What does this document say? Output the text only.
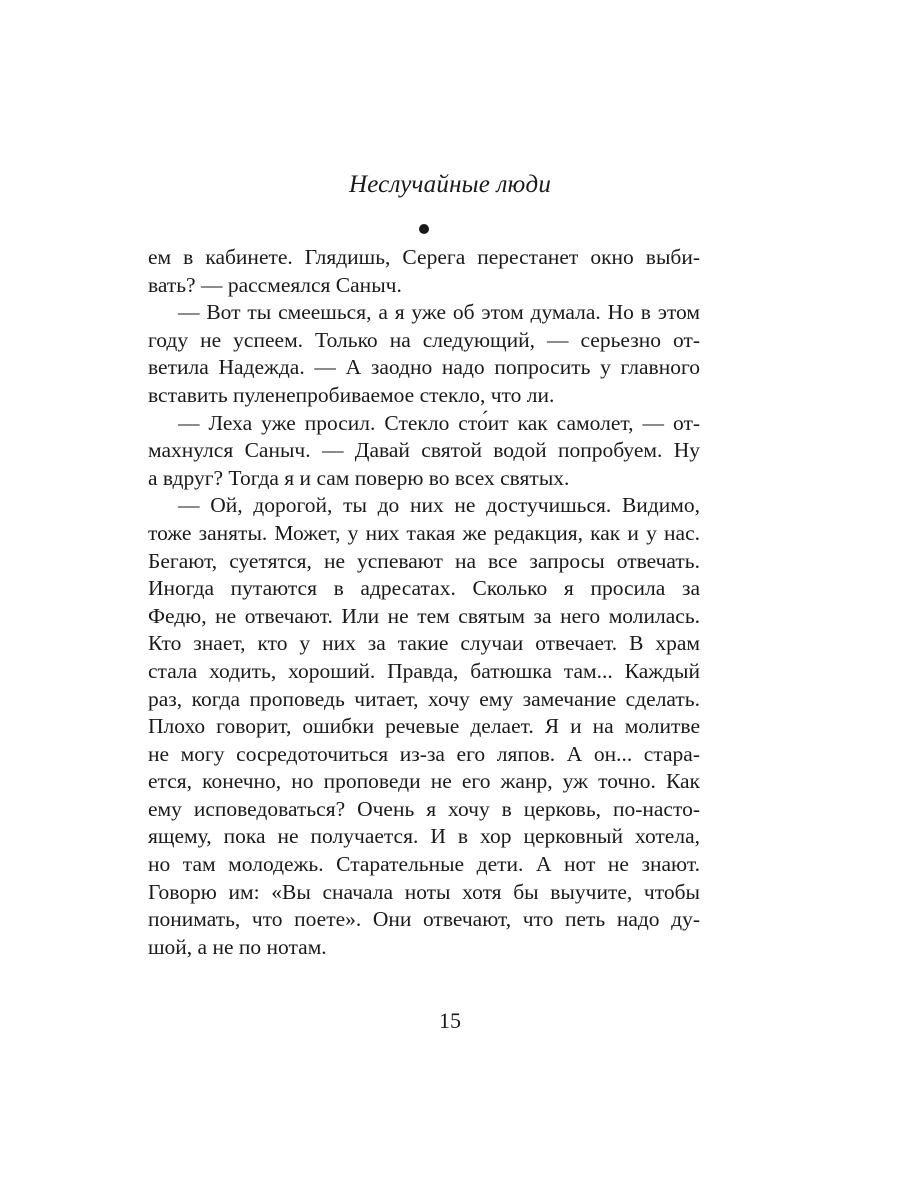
Неслучайные люди
ем в кабинете. Глядишь, Серега перестанет окно выби-
вать? — рассмеялся Саныч.
— Вот ты смеешься, а я уже об этом думала. Но в этом
году не успеем. Только на следующий, — серьезно от-
ветила Надежда. — А заодно надо попросить у главного
вставить пуленепробиваемое стекло, что ли.
— Леха уже просил. Стекло сто́ит как самолет, — от-
махнулся Саныч. — Давай святой водой попробуем. Ну
а вдруг? Тогда я и сам поверю во всех святых.
— Ой, дорогой, ты до них не достучишься. Видимо,
тоже заняты. Может, у них такая же редакция, как и у нас.
Бегают, суетятся, не успевают на все запросы отвечать.
Иногда путаются в адресатах. Сколько я просила за
Федю, не отвечают. Или не тем святым за него молилась.
Кто знает, кто у них за такие случаи отвечает. В храм
стала ходить, хороший. Правда, батюшка там... Каждый
раз, когда проповедь читает, хочу ему замечание сделать.
Плохо говорит, ошибки речевые делает. Я и на молитве
не могу сосредоточиться из-за его ляпов. А он... стара-
ется, конечно, но проповеди не его жанр, уж точно. Как
ему исповедоваться? Очень я хочу в церковь, по-насто-
ящему, пока не получается. И в хор церковный хотела,
но там молодежь. Старательные дети. А нот не знают.
Говорю им: «Вы сначала ноты хотя бы выучите, чтобы
понимать, что поете». Они отвечают, что петь надо ду-
шой, а не по нотам.
15
